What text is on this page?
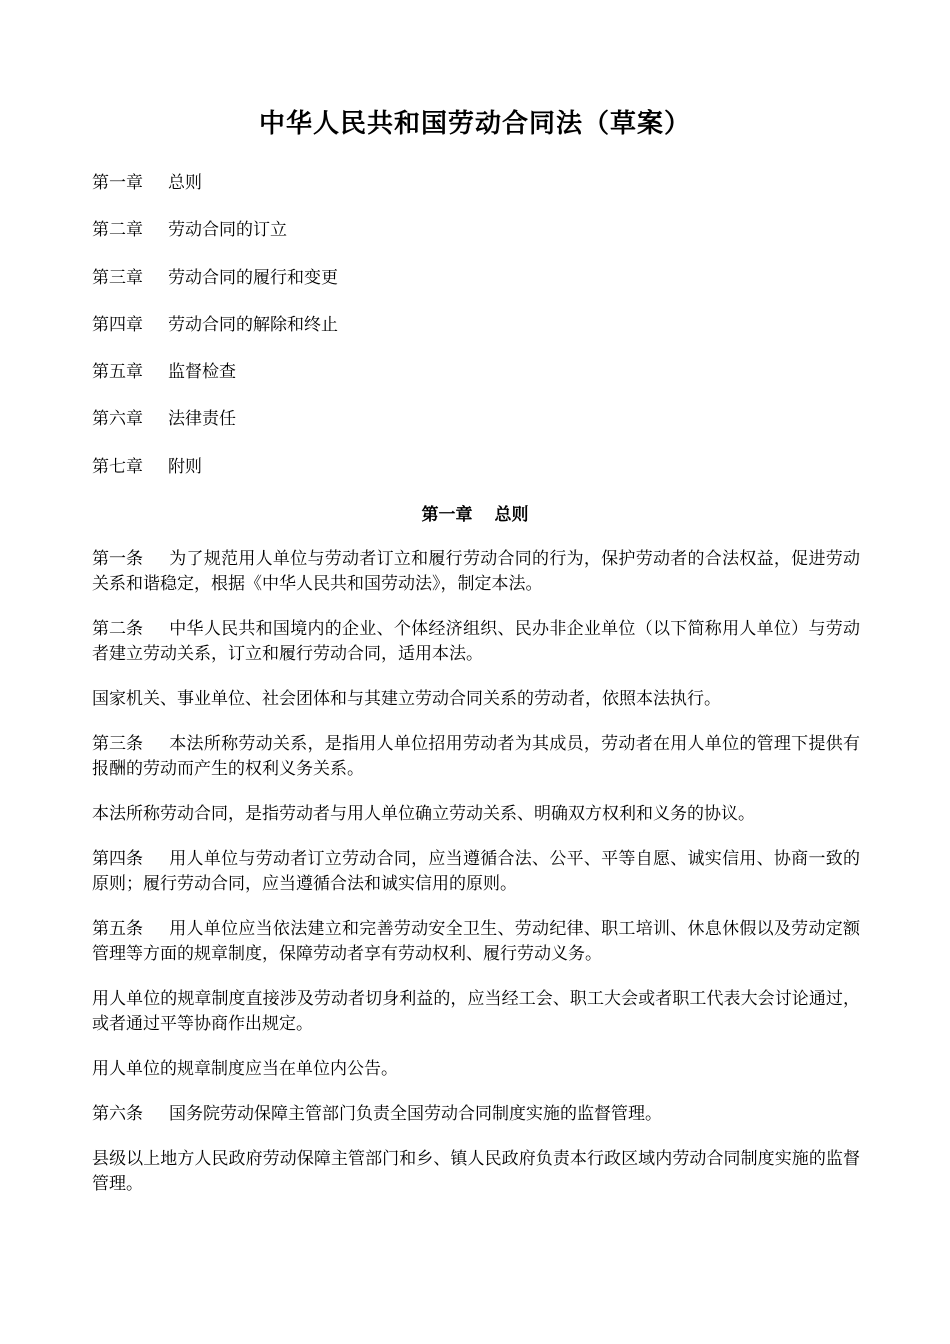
中华人民共和国劳动合同法（草案）
第一章 总则
第二章 劳动合同的订立
第三章 劳动合同的履行和变更
第四章 劳动合同的解除和终止
第五章 监督检查
第六章 法律责任
第七章 附则
第一章 总则

第一条 为了规范用人单位与劳动者订立和履行劳动合同的行为，保护劳动者的合法权益，促进劳动关系和谐稳定，根据《中华人民共和国劳动法》，制定本法。

第二条 中华人民共和国境内的企业、个体经济组织、民办非企业单位（以下简称用人单位）与劳动者建立劳动关系，订立和履行劳动合同，适用本法。

国家机关、事业单位、社会团体和与其建立劳动合同关系的劳动者，依照本法执行。

第三条 本法所称劳动关系，是指用人单位招用劳动者为其成员，劳动者在用人单位的管理下提供有报酬的劳动而产生的权利义务关系。

本法所称劳动合同，是指劳动者与用人单位确立劳动关系、明确双方权利和义务的协议。

第四条 用人单位与劳动者订立劳动合同，应当遵循合法、公平、平等自愿、诚实信用、协商一致的原则；履行劳动合同，应当遵循合法和诚实信用的原则。

第五条 用人单位应当依法建立和完善劳动安全卫生、劳动纪律、职工培训、休息休假以及劳动定额管理等方面的规章制度，保障劳动者享有劳动权利、履行劳动义务。

用人单位的规章制度直接涉及劳动者切身利益的，应当经工会、职工大会或者职工代表大会讨论通过，或者通过平等协商作出规定。

用人单位的规章制度应当在单位内公告。

第六条 国务院劳动保障主管部门负责全国劳动合同制度实施的监督管理。

县级以上地方人民政府劳动保障主管部门和乡、镇人民政府负责本行政区域内劳动合同制度实施的监督管理。
